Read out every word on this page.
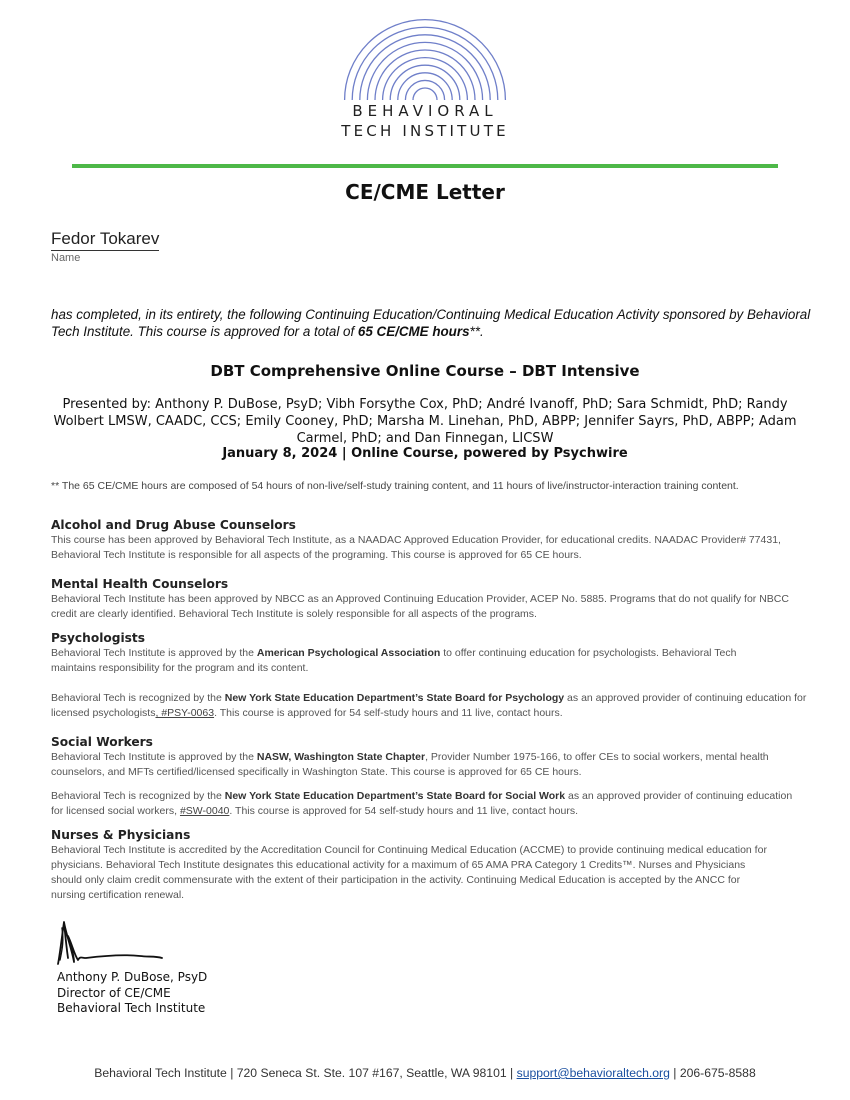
BEHAVIORAL
TECH INSTITUTE
CE/CME Letter
Fedor Tokarev
Name
has completed, in its entirety, the following Continuing Education/Continuing Medical Education Activity sponsored by Behavioral Tech Institute. This course is approved for a total of 65 CE/CME hours**.
DBT Comprehensive Online Course – DBT Intensive
Presented by: Anthony P. DuBose, PsyD; Vibh Forsythe Cox, PhD; André Ivanoff, PhD; Sara Schmidt, PhD; Randy Wolbert LMSW, CAADC, CCS; Emily Cooney, PhD; Marsha M. Linehan, PhD, ABPP; Jennifer Sayrs, PhD, ABPP; Adam Carmel, PhD; and Dan Finnegan, LICSW
January 8, 2024 | Online Course, powered by Psychwire
** The 65 CE/CME hours are composed of 54 hours of non-live/self-study training content, and 11 hours of live/instructor-interaction training content.
Alcohol and Drug Abuse Counselors
This course has been approved by Behavioral Tech Institute, as a NAADAC Approved Education Provider, for educational credits. NAADAC Provider# 77431, Behavioral Tech Institute is responsible for all aspects of the programing. This course is approved for 65 CE hours.
Mental Health Counselors
Behavioral Tech Institute has been approved by NBCC as an Approved Continuing Education Provider, ACEP No. 5885. Programs that do not qualify for NBCC credit are clearly identified. Behavioral Tech Institute is solely responsible for all aspects of the programs.
Psychologists
Behavioral Tech Institute is approved by the American Psychological Association to offer continuing education for psychologists. Behavioral Tech maintains responsibility for the program and its content.
Behavioral Tech is recognized by the New York State Education Department’s State Board for Psychology as an approved provider of continuing education for licensed psychologists, #PSY-0063. This course is approved for 54 self-study hours and 11 live, contact hours.
Social Workers
Behavioral Tech Institute is approved by the NASW, Washington State Chapter, Provider Number 1975-166, to offer CEs to social workers, mental health counselors, and MFTs certified/licensed specifically in Washington State. This course is approved for 65 CE hours.
Behavioral Tech is recognized by the New York State Education Department’s State Board for Social Work as an approved provider of continuing education for licensed social workers, #SW-0040. This course is approved for 54 self-study hours and 11 live, contact hours.
Nurses & Physicians
Behavioral Tech Institute is accredited by the Accreditation Council for Continuing Medical Education (ACCME) to provide continuing medical education for physicians. Behavioral Tech Institute designates this educational activity for a maximum of 65 AMA PRA Category 1 Credits™. Nurses and Physicians should only claim credit commensurate with the extent of their participation in the activity. Continuing Medical Education is accepted by the ANCC for nursing certification renewal.
Anthony P. DuBose, PsyD
Director of CE/CME
Behavioral Tech Institute
Behavioral Tech Institute | 720 Seneca St. Ste. 107 #167, Seattle, WA 98101 | support@behavioraltech.org | 206-675-8588
